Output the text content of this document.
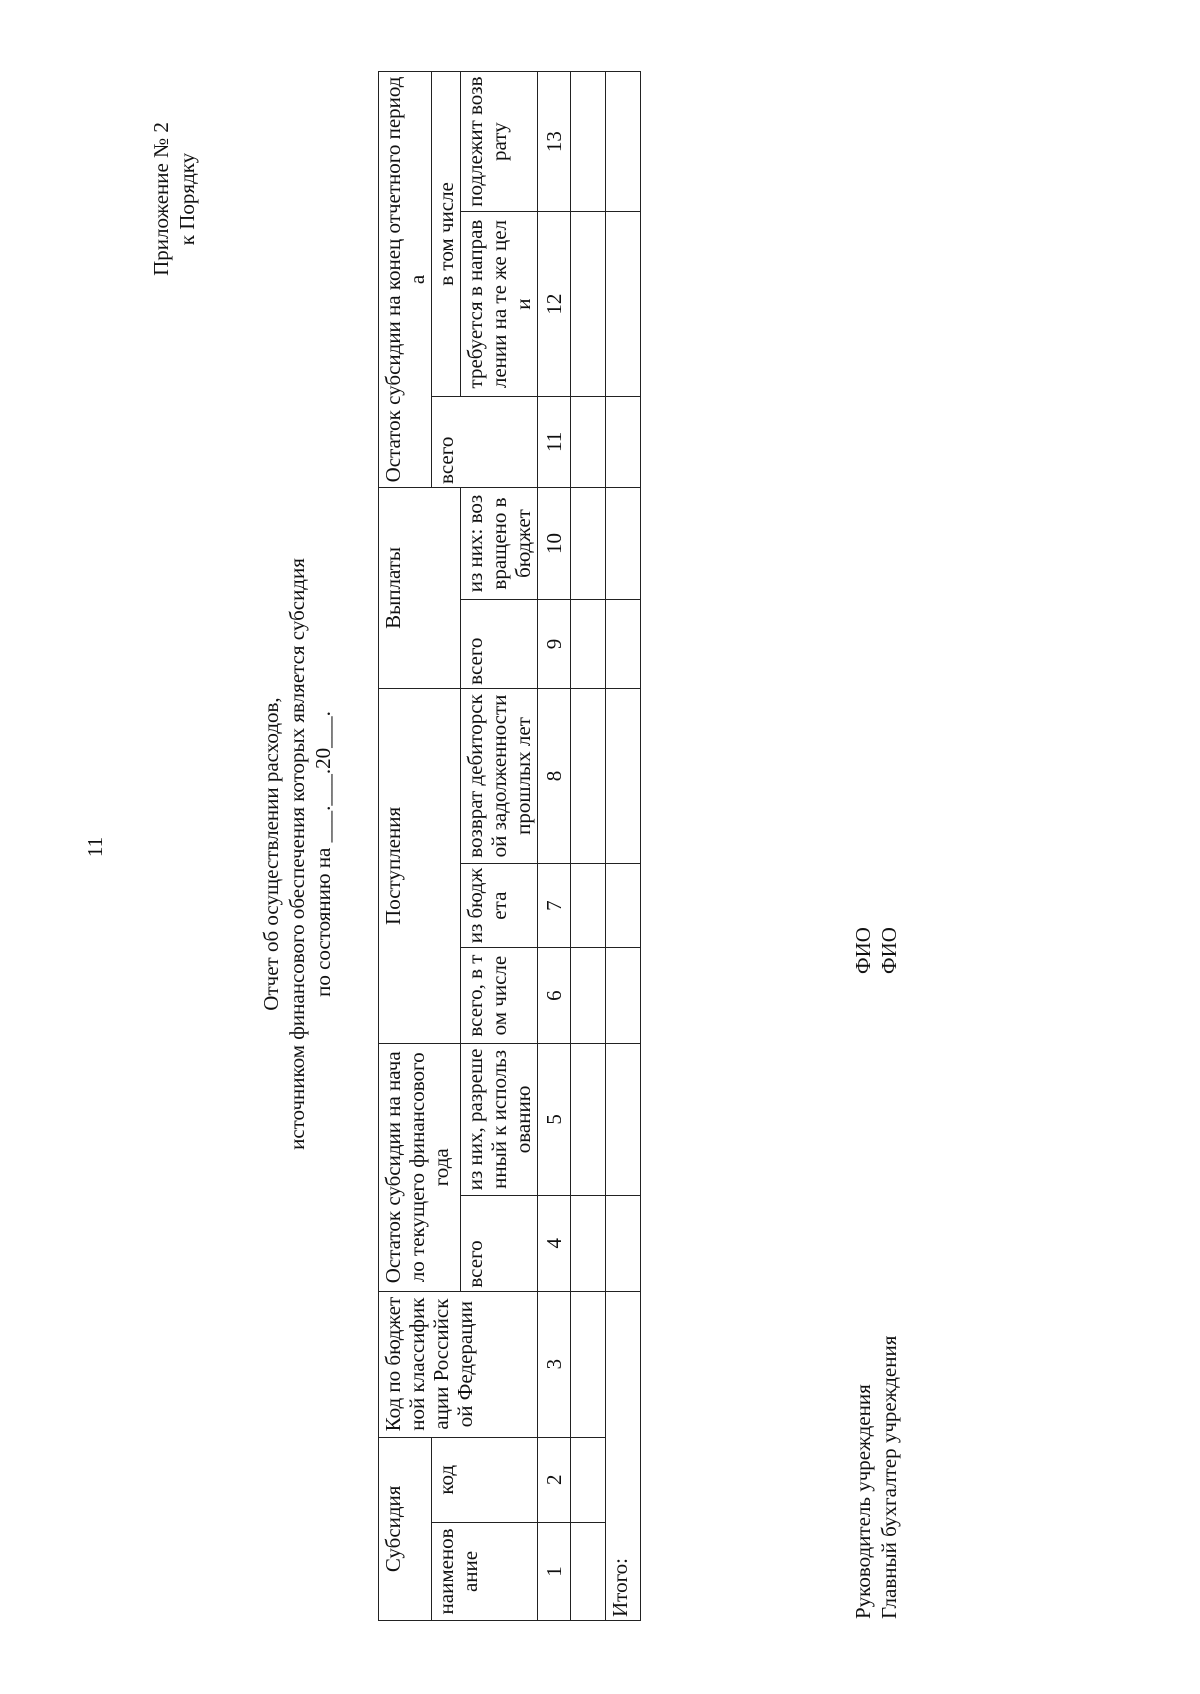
11
Приложение № 2 к Порядку
Отчет об осуществлении расходов, источником финансового обеспечения которых является субсидия по состоянию на ___.___.20___.
Субсидия		Код по бюджетной классификации Российской Федерации	Остаток субсидии на начало текущего финансового года		Поступления			Выплаты		Остаток субсидии на конец отчетного периода		
наименование	код									всего	в том числе	
			всего	из них, разрешенный к использованию	всего, в том числе	из бюджета	возврат дебиторской задолженности прошлых лет	всего	из них: возвращено в бюджет		требуется в направлении на те же цели	подлежит возврату
1	2	3	4	5	6	7	8	9	10	11	12	13

Итого:													Руководитель учреждения Главный бухгалтер учреждения
ФИО ФИО
